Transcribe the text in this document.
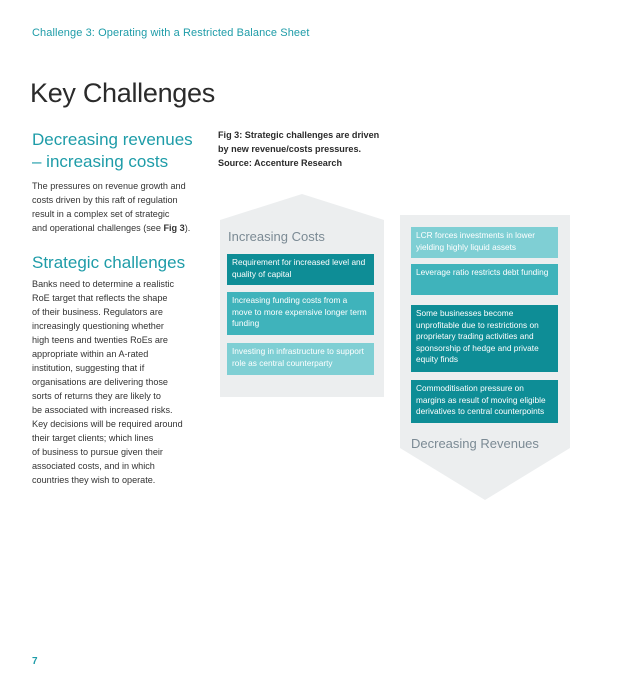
Challenge 3: Operating with a Restricted Balance Sheet
Key Challenges
Decreasing revenues
– increasing costs
The pressures on revenue growth and
costs driven by this raft of regulation
result in a complex set of strategic
and operational challenges (see Fig 3).
Strategic challenges
Banks need to determine a realistic
RoE target that reflects the shape
of their business. Regulators are
increasingly questioning whether
high teens and twenties RoEs are
appropriate within an A-rated
institution, suggesting that if
organisations are delivering those
sorts of returns they are likely to
be associated with increased risks.
Key decisions will be required around
their target clients; which lines
of business to pursue given their
associated costs, and in which
countries they wish to operate.
Fig 3: Strategic challenges are driven
by new revenue/costs pressures.
Source: Accenture Research
Increasing Costs
Requirement for increased level and quality of capital
Increasing funding costs from a move to more expensive longer term funding
Investing in infrastructure to support role as central counterparty
LCR forces investments in lower yielding highly liquid assets
Leverage ratio restricts debt funding
Some businesses become unprofitable due to restrictions on proprietary trading activities and sponsorship of hedge and private equity finds
Commoditisation pressure on margins as result of moving eligible derivatives to central counterpoints
Decreasing Revenues
7
